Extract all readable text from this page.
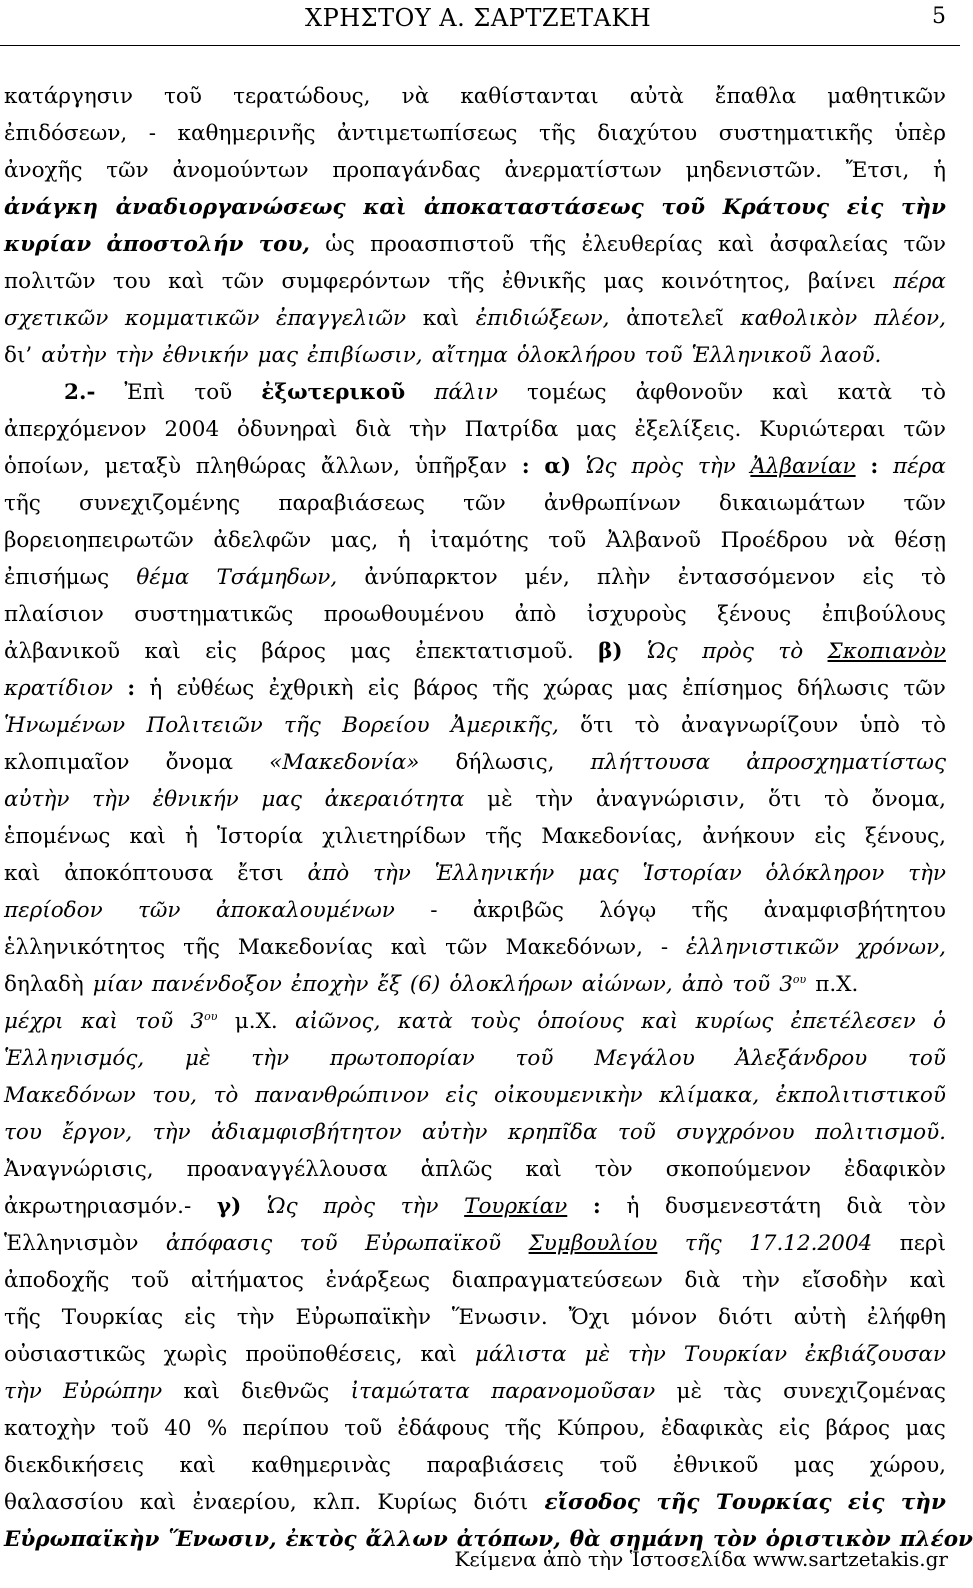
ΧΡΗΣΤΟΥ Α. ΣΑΡΤΖΕΤΑΚΗ	5
κατάργησιν τοῦ τερατώδους, νὰ καθίστανται αὐτὰ ἔπαθλα μαθητικῶν
ἐπιδόσεων, - καθημερινῆς ἀντιμετωπίσεως τῆς διαχύτου συστηματικῆς ὑπὲρ
ἀνοχῆς τῶν ἀνομούντων προπαγάνδας ἀνερματίστων μηδενιστῶν. Ἔτσι, ἡ
ἀνάγκη ἀναδιοργανώσεως καὶ ἀποκαταστάσεως τοῦ Κράτους εἰς τὴν
κυρίαν ἀποστολήν του, ὡς προασπιστοῦ τῆς ἐλευθερίας καὶ ἀσφαλείας τῶν
πολιτῶν του καὶ τῶν συμφερόντων τῆς ἐθνικῆς μας κοινότητος, βαίνει πέρα
σχετικῶν κομματικῶν ἐπαγγελιῶν καὶ ἐπιδιώξεων, ἀποτελεῖ καθολικὸν πλέον,
δι’ αὐτὴν τὴν ἐθνικήν μας ἐπιβίωσιν, αἴτημα ὁλοκλήρου τοῦ Ἑλληνικοῦ λαοῦ.
2.- Ἐπὶ τοῦ ἐξωτερικοῦ πάλιν τομέως ἀφθονοῦν καὶ κατὰ τὸ
ἀπερχόμενον 2004 ὀδυνηραὶ διὰ τὴν Πατρίδα μας ἐξελίξεις. Κυριώτεραι τῶν
ὁποίων, μεταξὺ πληθώρας ἄλλων, ὑπῆρξαν : α) Ὡς πρὸς τὴν Ἀλβανίαν : πέρα
τῆς συνεχιζομένης παραβιάσεως τῶν ἀνθρωπίνων δικαιωμάτων τῶν
βορειοηπειρωτῶν ἀδελφῶν μας, ἡ ἰταμότης τοῦ Ἀλβανοῦ Προέδρου νὰ θέσῃ
ἐπισήμως θέμα Τσάμηδων, ἀνύπαρκτον μέν, πλὴν ἐντασσόμενον εἰς τὸ
πλαίσιον συστηματικῶς προωθουμένου ἀπὸ ἰσχυροὺς ξένους ἐπιβούλους
ἀλβανικοῦ καὶ εἰς βάρος μας ἐπεκτατισμοῦ. β) Ὡς πρὸς τὸ Σκοπιανὸν
κρατίδιον : ἡ εὐθέως ἐχθρικὴ εἰς βάρος τῆς χώρας μας ἐπίσημος δήλωσις τῶν
Ἡνωμένων Πολιτειῶν τῆς Βορείου Ἀμερικῆς, ὅτι τὸ ἀναγνωρίζουν ὑπὸ τὸ
κλοπιμαῖον ὄνομα «Μακεδονία» δήλωσις, πλήττουσα ἀπροσχηματίστως
αὐτὴν τὴν ἐθνικήν μας ἀκεραιότητα μὲ τὴν ἀναγνώρισιν, ὅτι τὸ ὄνομα,
ἑπομένως καὶ ἡ Ἱστορία χιλιετηρίδων τῆς Μακεδονίας, ἀνήκουν εἰς ξένους,
καὶ ἀποκόπτουσα ἔτσι ἀπὸ τὴν Ἑλληνικήν μας Ἱστορίαν ὁλόκληρον τὴν
περίοδον τῶν ἀποκαλουμένων - ἀκριβῶς λόγῳ τῆς ἀναμφισβήτητου
ἑλληνικότητος τῆς Μακεδονίας καὶ τῶν Μακεδόνων, - ἑλληνιστικῶν χρόνων,
δηλαδὴ μίαν πανένδοξον ἐποχὴν ἔξ (6) ὁλοκλήρων αἰώνων, ἀπὸ τοῦ $3^{o\upsilon}$ π.Χ.
μέχρι καὶ τοῦ $3^{o\upsilon}$ μ.Χ. αἰῶνος, κατὰ τοὺς ὁποίους καὶ κυρίως ἐπετέλεσεν ὁ
Ἑλληνισμός, μὲ τὴν πρωτοπορίαν τοῦ Μεγάλου Ἀλεξάνδρου τοῦ
Μακεδόνων του, τὸ πανανθρώπινον εἰς οἰκουμενικὴν κλίμακα, ἐκπολιτιστικοῦ
του ἔργον, τὴν ἀδιαμφισβήτητον αὐτὴν κρηπῖδα τοῦ συγχρόνου πολιτισμοῦ.
Ἀναγνώρισις, προαναγγέλλουσα ἁπλῶς καὶ τὸν σκοπούμενον ἐδαφικὸν
ἀκρωτηριασμόν.- γ) Ὡς πρὸς τὴν Τουρκίαν : ἡ δυσμενεστάτη διὰ τὸν
Ἑλληνισμὸν ἀπόφασις τοῦ Εὐρωπαϊκοῦ Συμβουλίου τῆς 17.12.2004 περὶ
ἀποδοχῆς τοῦ αἰτήματος ἐνάρξεως διαπραγματεύσεων διὰ τὴν εἴσοδὴν καὶ
τῆς Τουρκίας εἰς τὴν Εὐρωπαϊκὴν Ἕνωσιν. Ὄχι μόνον διότι αὐτὴ ἐλήφθη
οὐσιαστικῶς χωρὶς προϋποθέσεις, καὶ μάλιστα μὲ τὴν Τουρκίαν ἐκβιάζουσαν
τὴν Εὐρώπην καὶ διεθνῶς ἰταμώτατα παρανομοῦσαν μὲ τὰς συνεχιζομένας
κατοχὴν τοῦ 40 % περίπου τοῦ ἐδάφους τῆς Κύπρου, ἐδαφικὰς εἰς βάρος μας
διεκδικήσεις καὶ καθημερινὰς παραβιάσεις τοῦ ἐθνικοῦ μας χώρου,
θαλασσίου καὶ ἐναερίου, κλπ. Κυρίως διότι εἴσοδος τῆς Τουρκίας εἰς τὴν
Εὐρωπαϊκὴν Ἕνωσιν, ἐκτὸς ἄλλων ἀτόπων, θὰ σημάνη τὸν ὁριστικὸν πλέον
Κείμενα ἀπὸ τὴν Ἱστοσελίδα www.sartzetakis.gr
